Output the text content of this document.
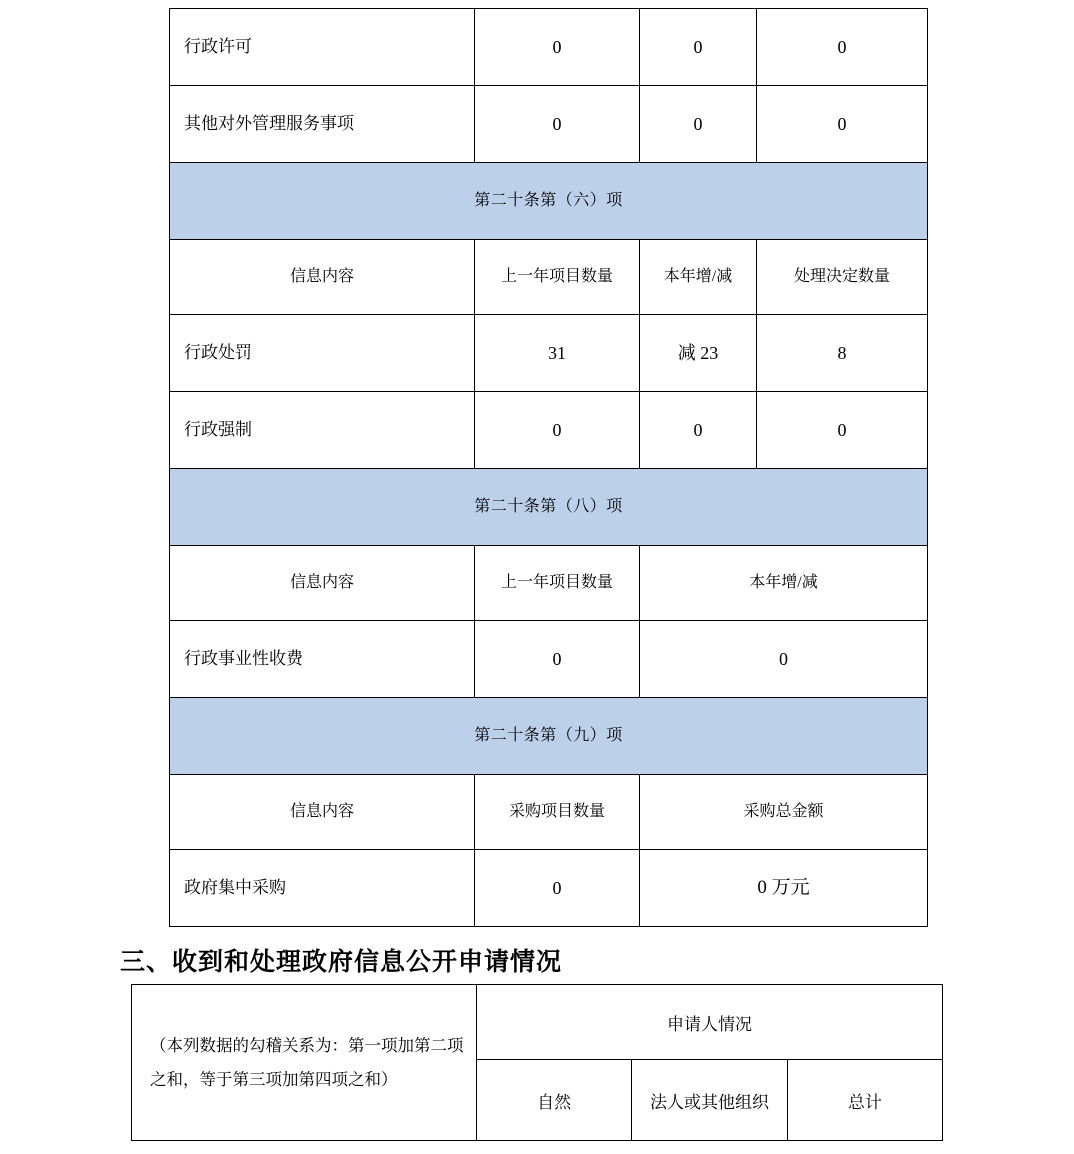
行政许可	0	0	0
其他对外管理服务事项	0	0	0
第二十条第（六）项			
信息内容	上一年项目数量	本年增/减	处理决定数量
行政处罚	31	减 23	8
行政强制	0	0	0
第二十条第（八）项			
信息内容	上一年项目数量	本年增/减	
行政事业性收费	0	0	
第二十条第（九）项			
信息内容	采购项目数量	采购总金额	
政府集中采购	0	0 万元	
三、收到和处理政府信息公开申请情况
（本列数据的勾稽关系为：第一项加第二项之和，等于第三项加第四项之和）	申请人情况		
	自然	法人或其他组织	总计
